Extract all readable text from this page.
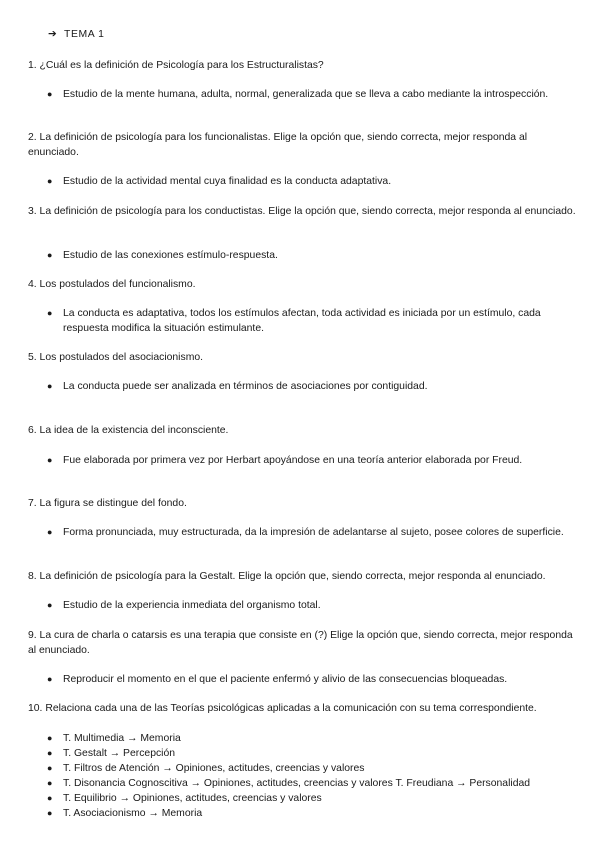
➔ TEMA 1
1. ¿Cuál es la definición de Psicología para los Estructuralistas?
●	Estudio de la mente humana, adulta, normal, generalizada que se lleva a cabo mediante la introspección.
2. La definición de psicología para los funcionalistas. Elige la opción que, siendo correcta, mejor responda al enunciado.
●	Estudio de la actividad mental cuya finalidad es la conducta adaptativa.
3. La definición de psicología para los conductistas. Elige la opción que, siendo correcta, mejor responda al enunciado.
●	Estudio de las conexiones estímulo-respuesta.
4. Los postulados del funcionalismo.
●	La conducta es adaptativa, todos los estímulos afectan, toda actividad es iniciada por un estímulo, cada respuesta modifica la situación estimulante.
5. Los postulados del asociacionismo.
●	La conducta puede ser analizada en términos de asociaciones por contiguidad.
6. La idea de la existencia del inconsciente.
●	Fue elaborada por primera vez por Herbart apoyándose en una teoría anterior elaborada por Freud.
7. La figura se distingue del fondo.
●	Forma pronunciada, muy estructurada, da la impresión de adelantarse al sujeto, posee colores de superficie.
8. La definición de psicología para la Gestalt. Elige la opción que, siendo correcta, mejor responda al enunciado.
●	Estudio de la experiencia inmediata del organismo total.
9. La cura de charla o catarsis es una terapia que consiste en (?) Elige la opción que, siendo correcta, mejor responda al enunciado.
●	Reproducir el momento en el que el paciente enfermó y alivio de las consecuencias bloqueadas.
10. Relaciona cada una de las Teorías psicológicas aplicadas a la comunicación con su tema correspondiente.
●	T. Multimedia → Memoria
●	T. Gestalt → Percepción
●	T. Filtros de Atención → Opiniones, actitudes, creencias y valores
●	T. Disonancia Cognoscitiva → Opiniones, actitudes, creencias y valores T. Freudiana → Personalidad
●	T. Equilibrio → Opiniones, actitudes, creencias y valores
●	T. Asociacionismo → Memoria
